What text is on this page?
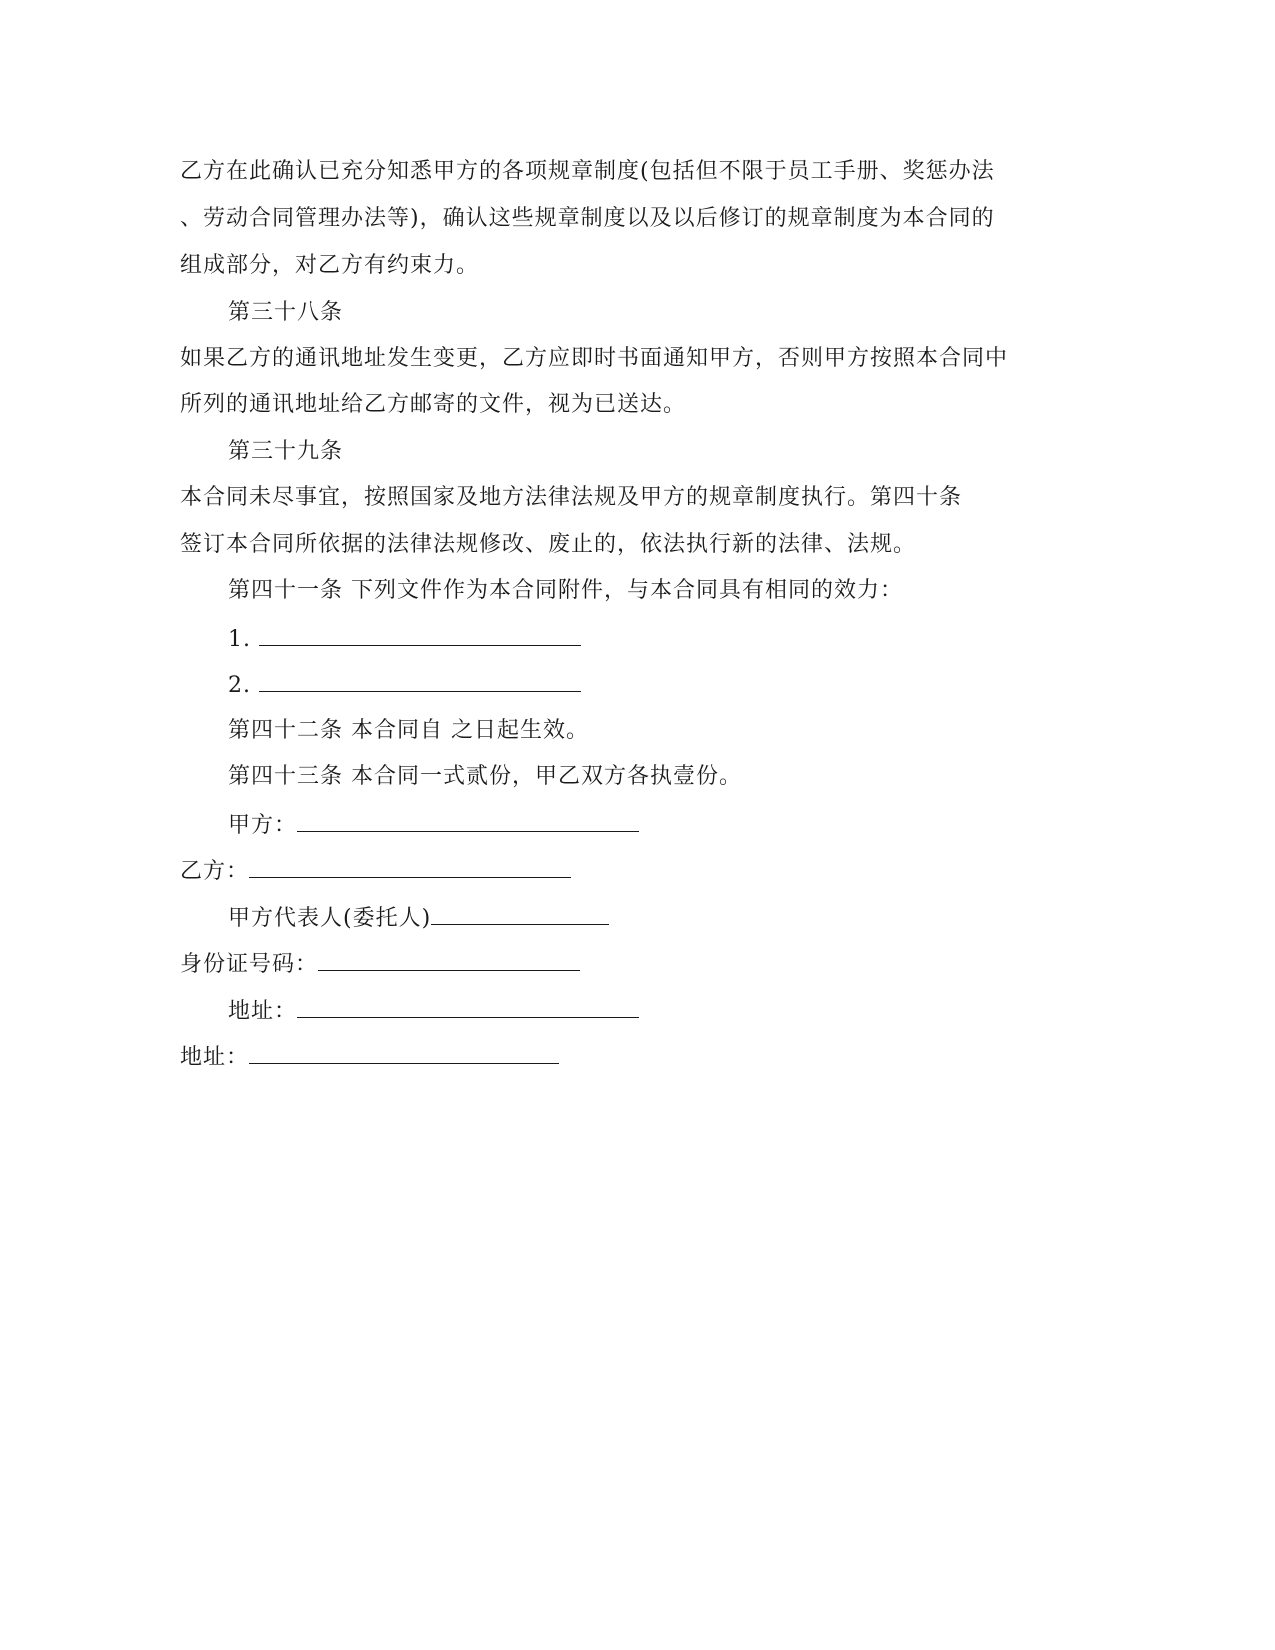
乙方在此确认已充分知悉甲方的各项规章制度(包括但不限于员工手册、奖惩办法
、劳动合同管理办法等)，确认这些规章制度以及以后修订的规章制度为本合同的
组成部分，对乙方有约束力。
第三十八条
如果乙方的通讯地址发生变更，乙方应即时书面通知甲方，否则甲方按照本合同中
所列的通讯地址给乙方邮寄的文件，视为已送达。
第三十九条
本合同未尽事宜，按照国家及地方法律法规及甲方的规章制度执行。第四十条
签订本合同所依据的法律法规修改、废止的，依法执行新的法律、法规。
第四十一条 下列文件作为本合同附件，与本合同具有相同的效力：
1.
2.
第四十二条 本合同自 之日起生效。
第四十三条 本合同一式贰份，甲乙双方各执壹份。
甲方：
乙方：
甲方代表人(委托人)
身份证号码：
地址：
地址：
